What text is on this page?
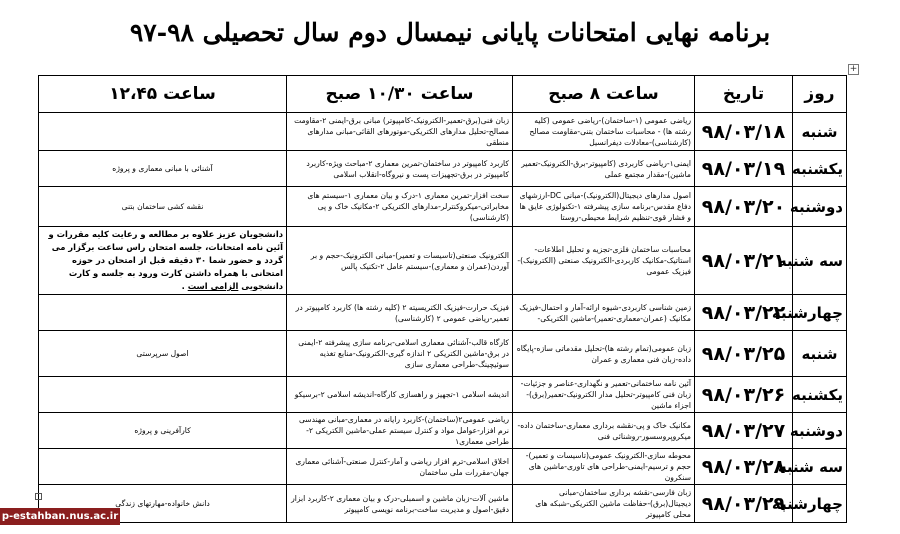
برنامه نهایی امتحانات پایانی نیمسال دوم سال تحصیلی ۹۸-۹۷
+
روز	تاریخ	ساعت ۸ صبح	ساعت ۱۰/۳۰ صبح	ساعت ۱۲،۴۵
شنبه	۹۸/۰۳/۱۸	ریاضی عمومی (۱-ساختمان)-ریاضی عمومی (کلیه رشته ها) - محاسبات ساختمان بتنی-مقاومت مصالح (کارشناسی)-معادلات دیفرانسیل	زبان فنی(برق-تعمیر-الکترونیک-کامپیوتر) مبانی برق-ایمنی ۲-مقاومت مصالح-تحلیل مدارهای الکتریکی-موتورهای القائی-مبانی مدارهای منطقی	
یکشنبه	۹۸/۰۳/۱۹	ایمنی۱-ریاضی کاربردی (کامپیوتر-برق-الکترونیک-تعمیر ماشین)-مقدار مجتمع عملی	کاربرد کامپیوتر در ساختمان-تمرین معماری ۲-مباحث ویژه-کاربرد کامپیوتر در برق-تجهیزات پست و نیروگاه-انقلاب اسلامی	آشنائی با مبانی معماری و پروژه
دوشنبه	۹۸/۰۳/۲۰	اصول مدارهای دیجیتال(الکترونیک)-مبانی DC-ارزشهای دفاع مقدس-برنامه سازی پیشرفته ۱-تکنولوژی عایق ها و فشار قوی-تنظیم شرایط محیطی-روستا	سخت افزار-تمرین معماری ۱-درک و بیان معماری ۱-سیستم های مخابراتی-میکروکنترلر-مدارهای الکتریکی ۲-مکانیک خاک و پی (کارشناسی)	نقشه کشی ساختمان بتنی
سه شنبه	۹۸/۰۳/۲۱	محاسبات ساختمان فلزی-تجزیه و تحلیل اطلاعات-استاتیک-مکانیک کاربردی-الکترونیک صنعتی (الکترونیک)-فیزیک عمومی	الکترونیک صنعتی(تاسیسات و تعمیر)-مبانی الکترونیک-حجم و بر آوردن(عمران و معماری)-سیستم عامل ۲-تکنیک پالس	دانشجویان عزیز علاوه بر مطالعه و رعایت کلیه مقررات و آئین نامه امتحانات، جلسه امتحان راس ساعت برگزار می گردد و حضور شما ۳۰ دقیقه قبل از امتحان در حوزه امتحانی با همراه داشتن کارت ورود به جلسه و کارت دانشجویی الزامی است .
چهارشنبه	۹۸/۰۳/۲۲	زمین شناسی کاربردی-شیوه ارائه-آمار و احتمال-فیزیک مکانیک (عمران-معماری-تعمیر)-ماشین الکتریکی-	فیزیک حرارت-فیزیک الکتریسیته ۲ (کلیه رشته ها) کاربرد کامپیوتر در تعمیر-ریاضی عمومی ۲ (کارشناسی)	
شنبه	۹۸/۰۳/۲۵	زبان عمومی(تمام رشته ها)-تحلیل مقدماتی سازه-پایگاه داده-زبان فنی معماری و عمران	کارگاه قالب-آشنائی معماری اسلامی-برنامه سازی پیشرفته ۲-ایمنی در برق-ماشین الکتریکی ۲ اندازه گیری-الکترونیک-منابع تغذیه سوئیچینگ-طراحی معماری سازی	اصول سرپرستی
یکشنبه	۹۸/۰۳/۲۶	آئین نامه ساختمانی-تعمیر و نگهداری-عناصر و جزئیات-زبان فنی کامپیوتر-تحلیل مدار الکترونیک-تعمیر(برق)-اجزاء ماشین	اندیشه اسلامی ۱-تجهیز و راهسازی کارگاه-اندیشه اسلامی ۲-برسیکو	
دوشنبه	۹۸/۰۳/۲۷	مکانیک خاک و پی-نقشه برداری معماری-ساختمان داده-میکروپروسسور-روشنائی فنی	ریاضی عمومی۲(ساختمان)-کاربرد رایانه در معماری-مبانی مهندسی نرم افزار-عوامل مواد و کنترل سیستم عملی-ماشین الکتریکی ۲-طراحی معماری۱	کارآفرینی و پروژه
سه شنبه	۹۸/۰۳/۲۸	محوطه سازی-الکترونیک عمومی(تاسیسات و تعمیر)-حجم و ترسیم-ایمنی-طراحی های تاوری-ماشین های سنکرون	اخلاق اسلامی-ترم افزار ریاضی و آمار-کنترل صنعتی-آشنائی معماری جهان-مقررات ملی ساختمان	
چهارشنبه	۹۸/۰۳/۲۹	زبان فارسی-نقشه برداری ساختمان-مبانی دیجیتال(برق)-حفاظت ماشین الکتریکی-شبکه های محلی کامپیوتر	ماشین آلات-زبان ماشین و اسمبلی-درک و بیان معماری ۲-کاربرد ابزار دقیق-اصول و مدیریت ساخت-برنامه نویسی کامپیوتر	دانش خانواده-مهارتهای زندگی
p-estahban.nus.ac.ir
